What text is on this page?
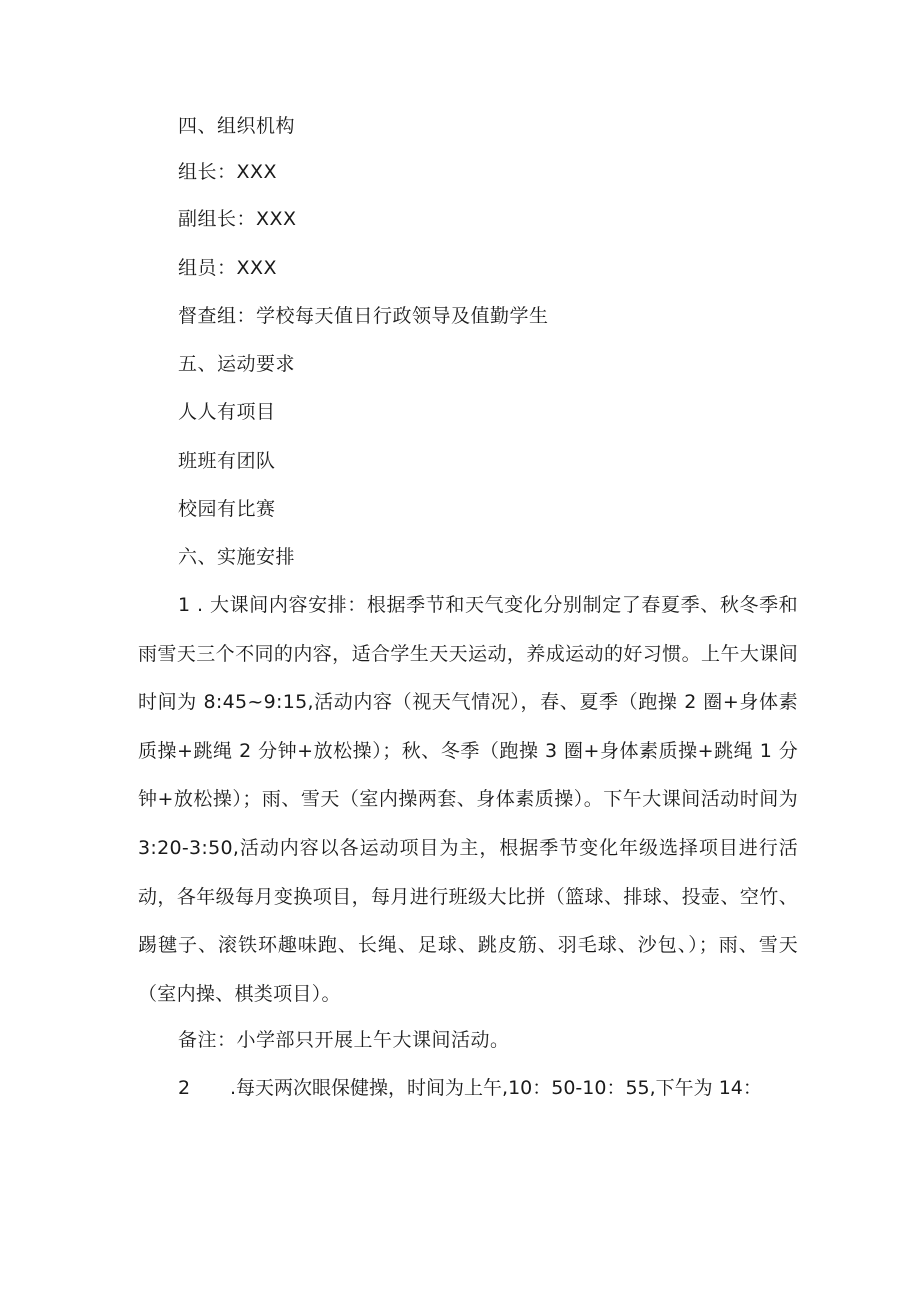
四、组织机构
组长：XXX
副组长：XXX
组员：XXX
督查组：学校每天值日行政领导及值勤学生
五、运动要求
人人有项目
班班有团队
校园有比赛
六、实施安排
1 . 大课间内容安排：根据季节和天气变化分别制定了春夏季、秋冬季和雨雪天三个不同的内容，适合学生天天运动，养成运动的好习惯。上午大课间时间为 8:45~9:15,活动内容（视天气情况），春、夏季（跑操 2 圈+身体素质操+跳绳 2 分钟+放松操）；秋、冬季（跑操 3 圈+身体素质操+跳绳 1 分钟+放松操）；雨、雪天（室内操两套、身体素质操）。下午大课间活动时间为 3:20-3:50,活动内容以各运动项目为主，根据季节变化年级选择项目进行活动，各年级每月变换项目，每月进行班级大比拼（篮球、排球、投壶、空竹、踢毽子、滚铁环趣味跑、长绳、足球、跳皮筋、羽毛球、沙包、）；雨、雪天（室内操、棋类项目）。
备注：小学部只开展上午大课间活动。
2 .每天两次眼保健操，时间为上午,10：50-10：55,下午为 14：
